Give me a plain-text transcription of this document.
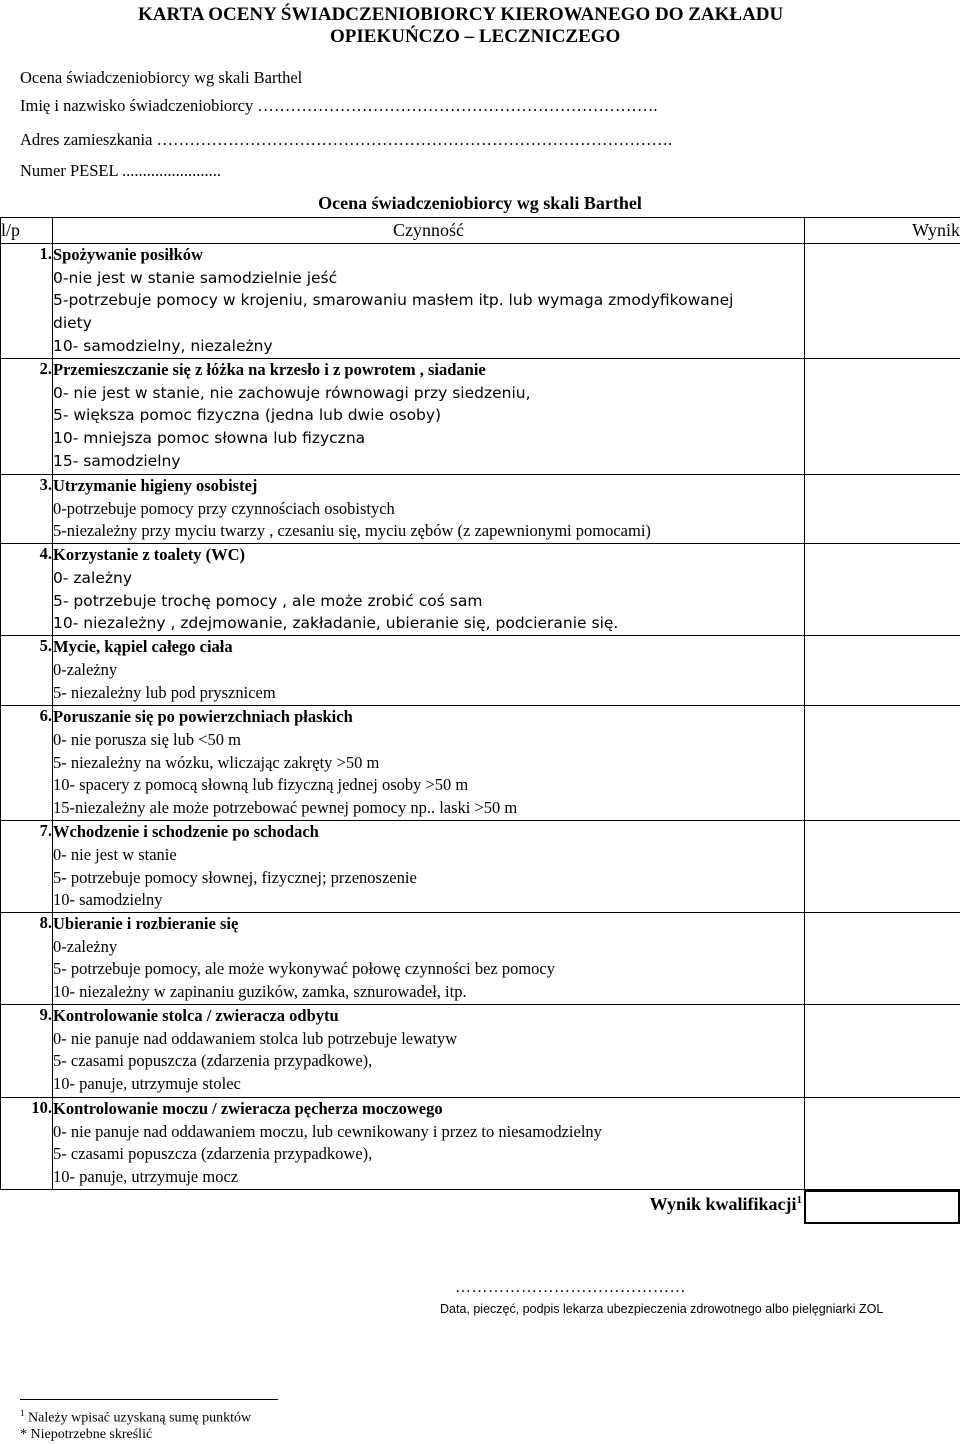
KARTA OCENY ŚWIADCZENIOBIORCY KIEROWANEGO DO ZAKŁADU
OPIEKUŃCZO – LECZNICZEGO
Ocena świadczeniobiorcy wg skali Barthel
Imię i nazwisko świadczeniobiorcy ……………………………………………………………….
Adres zamieszkania ………………………………………………………………………………….
Numer PESEL ........................
Ocena świadczeniobiorcy wg skali Barthel
l/p	Czynność	Wynik
1.	Spożywanie posiłków
0-nie jest w stanie samodzielnie jeść
5-potrzebuje pomocy w krojeniu, smarowaniu masłem itp. lub wymaga zmodyfikowanej
diety
10- samodzielny, niezależny	

2.	Przemieszczanie się z łóżka na krzesło i z powrotem , siadanie
0- nie jest w stanie, nie zachowuje równowagi przy siedzeniu,
5- większa pomoc fizyczna (jedna lub dwie osoby)
10- mniejsza pomoc słowna lub fizyczna
15- samodzielny	

3.	Utrzymanie higieny osobistej
0-potrzebuje pomocy przy czynnościach osobistych
5-niezależny przy myciu twarzy , czesaniu się, myciu zębów (z zapewnionymi pomocami)	

4.	Korzystanie z toalety (WC)
0- zależny
5- potrzebuje trochę pomocy , ale może zrobić coś sam
10- niezależny , zdejmowanie, zakładanie, ubieranie się, podcieranie się.	

5.	Mycie, kąpiel całego ciała
0-zależny
5- niezależny lub pod prysznicem	

6.	Poruszanie się po powierzchniach płaskich
0- nie porusza się lub <50 m
5- niezależny na wózku, wliczając zakręty >50 m
10- spacery z pomocą słowną lub fizyczną jednej osoby >50 m
15-niezależny ale może potrzebować pewnej pomocy np.. laski >50 m	

7.	Wchodzenie i schodzenie po schodach
0- nie jest w stanie
5- potrzebuje pomocy słownej, fizycznej; przenoszenie
10- samodzielny	

8.	Ubieranie i rozbieranie się
0-zależny
5- potrzebuje pomocy, ale może wykonywać połowę czynności bez pomocy
10- niezależny w zapinaniu guzików, zamka, sznurowadeł, itp.	

9.	Kontrolowanie stolca / zwieracza odbytu
0- nie panuje nad oddawaniem stolca lub potrzebuje lewatyw
5- czasami popuszcza (zdarzenia przypadkowe),
10- panuje, utrzymuje stolec	

10.	Kontrolowanie moczu / zwieracza pęcherza moczowego
0- nie panuje nad oddawaniem moczu, lub cewnikowany i przez to niesamodzielny
5- czasami popuszcza (zdarzenia przypadkowe),
10- panuje, utrzymuje mocz	

Wynik kwalifikacji$^1$
……………………………………
Data, pieczęć, podpis lekarza ubezpieczenia zdrowotnego albo pielęgniarki ZOL
$^1$ Należy wpisać uzyskaną sumę punktów
* Niepotrzebne skreślić
